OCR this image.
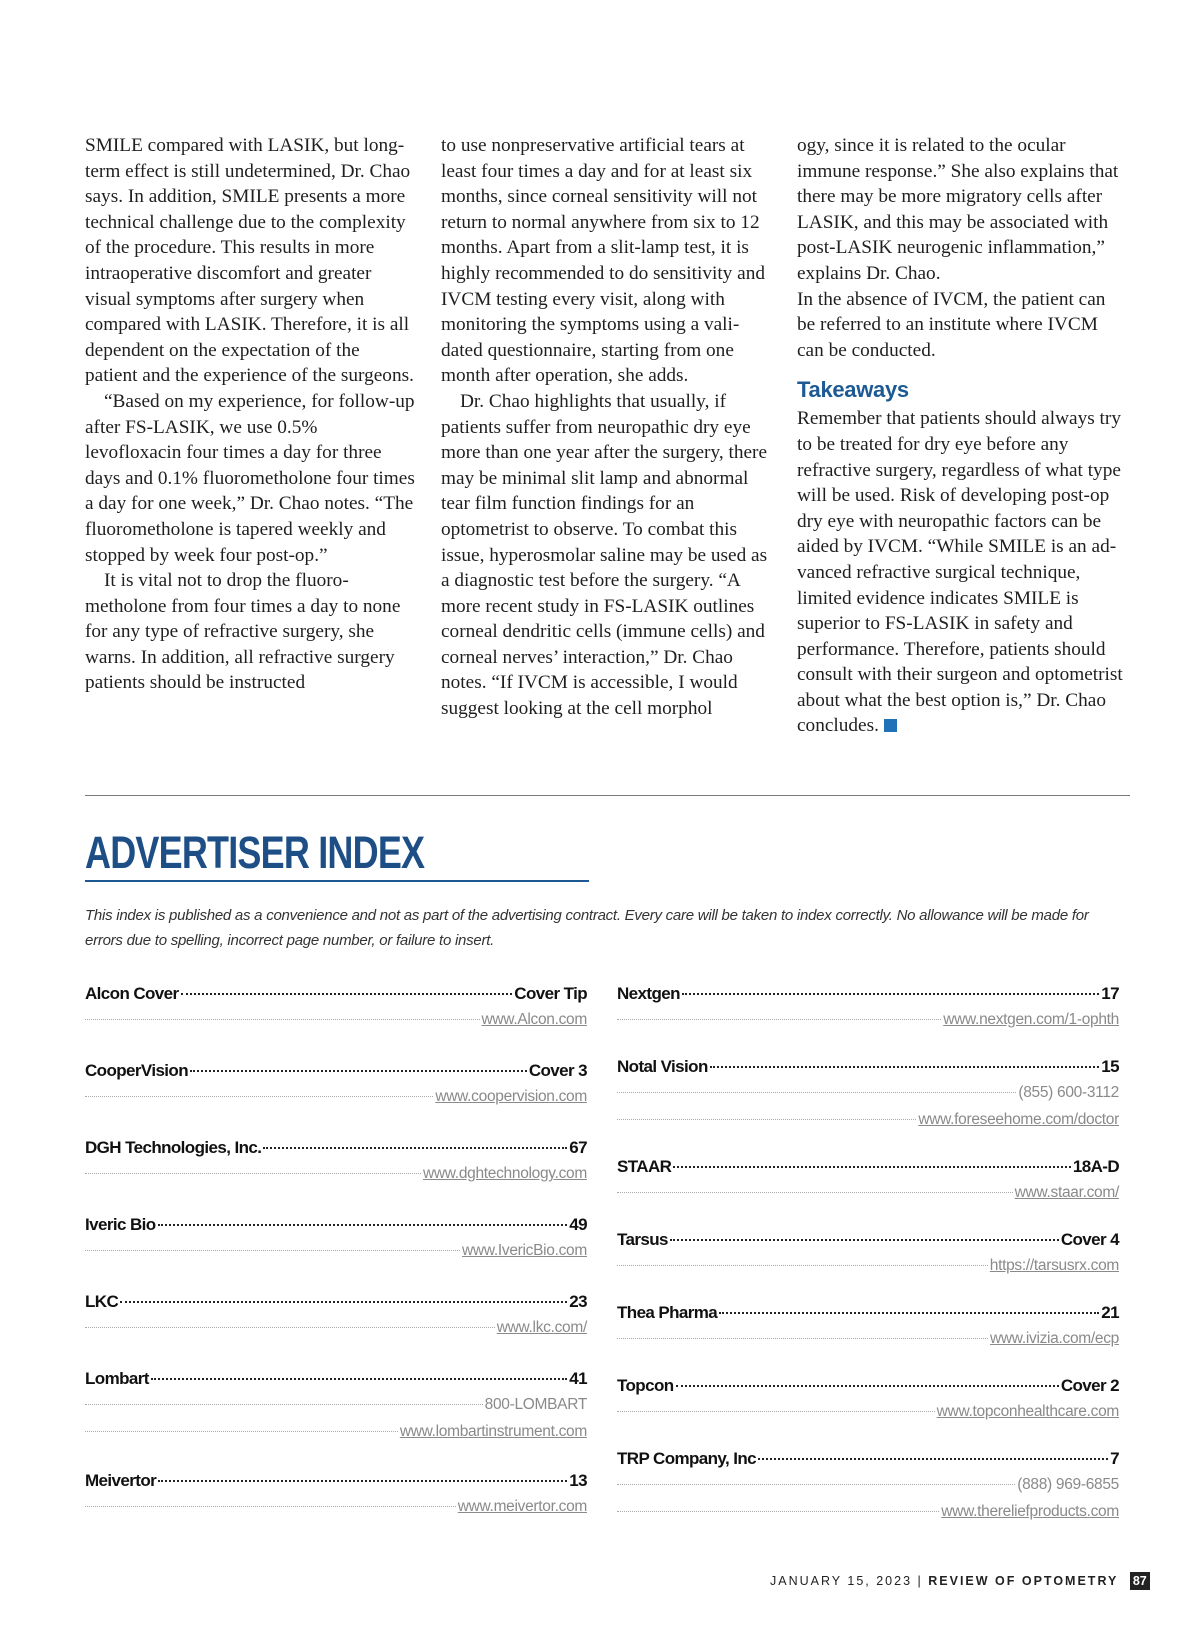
SMILE compared with LASIK, but long-term effect is still undetermined, Dr. Chao says. In addition, SMILE presents a more technical challenge due to the complexity of the procedure. This results in more intraoperative discomfort and greater visual symptoms after surgery when compared with LASIK. Therefore, it is all dependent on the expectation of the patient and the experience of the surgeons.

“Based on my experience, for follow-up after FS-LASIK, we use 0.5% levofloxacin four times a day for three days and 0.1% fluorometholone four times a day for one week,” Dr. Chao notes. “The fluorometholone is tapered weekly and stopped by week four post-op.”

It is vital not to drop the fluorometholone from four times a day to none for any type of refractive surgery, she warns. In addition, all refractive surgery patients should be instructed

to use nonpreservative artificial tears at least four times a day and for at least six months, since corneal sensitivity will not return to normal anywhere from six to 12 months. Apart from a slit-lamp test, it is highly recommended to do sensitivity and IVCM testing every visit, along with monitoring the symptoms using a validated questionnaire, starting from one month after operation, she adds.

Dr. Chao highlights that usually, if patients suffer from neuropathic dry eye more than one year after the surgery, there may be minimal slit lamp and abnormal tear film function findings for an optometrist to observe. To combat this issue, hyperosmolar saline may be used as a diagnostic test before the surgery. “A more recent study in FS-LASIK outlines corneal dendritic cells (immune cells) and corneal nerves’ interaction,” Dr. Chao notes. “If IVCM is accessible, I would suggest looking at the cell morphol

ogy, since it is related to the ocular immune response.” She also explains that there may be more migratory cells after LASIK, and this may be associated with post-LASIK neurogenic inflammation,” explains Dr. Chao.

In the absence of IVCM, the patient can be referred to an institute where IVCM can be conducted.

Takeaways

Remember that patients should always try to be treated for dry eye before any refractive surgery, regardless of what type will be used. Risk of developing post-op dry eye with neuropathic factors can be aided by IVCM. “While SMILE is an advanced refractive surgical technique, limited evidence indicates SMILE is superior to FS-LASIK in safety and performance. Therefore, patients should consult with their surgeon and optometrist about what the best option is,” Dr. Chao concludes.

ADVERTISER INDEX
This index is published as a convenience and not as part of the advertising contract. Every care will be taken to index correctly. No allowance will be made for errors due to spelling, incorrect page number, or failure to insert.
Alcon Cover	Cover Tip
www.Alcon.com
CooperVision	Cover 3
www.coopervision.com
DGH Technologies, Inc.	67
www.dghtechnology.com
Iveric Bio	49
www.IvericBio.com
LKC	23
www.lkc.com/
Lombart	41
800-LOMBART
www.lombartinstrument.com
Meivertor	13
www.meivertor.com
Nextgen	17
www.nextgen.com/1-ophth
Notal Vision	15
(855) 600-3112
www.foreseehome.com/doctor
STAAR	18A-D
www.staar.com/
Tarsus	Cover 4
https://tarsusrx.com
Thea Pharma	21
www.ivizia.com/ecp
Topcon	Cover 2
www.topconhealthcare.com
TRP Company, Inc	7
(888) 969-6855
www.thereliefproducts.com
JANUARY 15, 2023 | REVIEW OF OPTOMETRY 87
